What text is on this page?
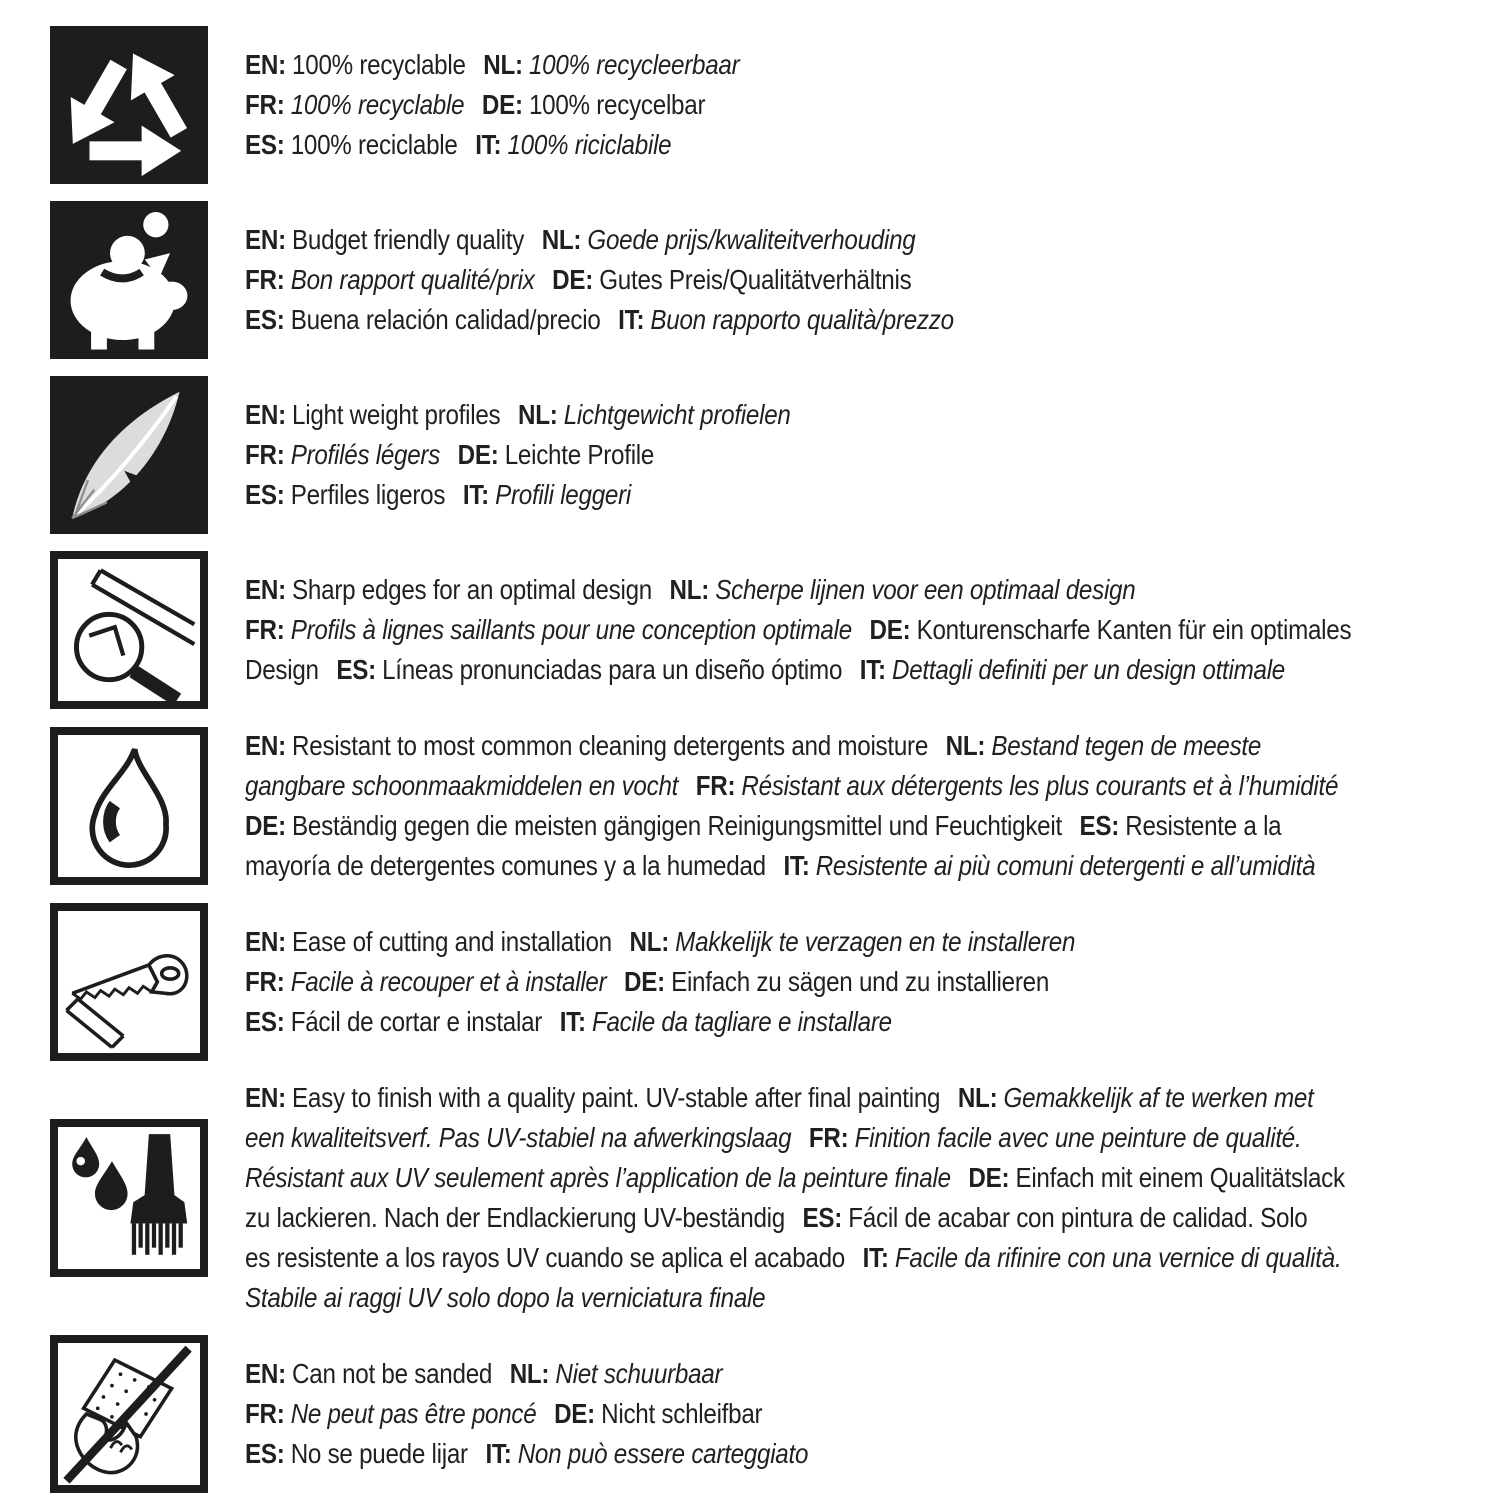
EN: 100% recyclable NL: 100% recycleerbaar
FR: 100% recyclable DE: 100% recycelbar
ES: 100% reciclable IT: 100% riciclabile
EN: Budget friendly quality NL: Goede prijs/kwaliteitverhouding
FR: Bon rapport qualité/prix DE: Gutes Preis/Qualitätverhältnis
ES: Buena relación calidad/precio IT: Buon rapporto qualità/prezzo
EN: Light weight profiles NL: Lichtgewicht profielen
FR: Profilés légers DE: Leichte Profile
ES: Perfiles ligeros IT: Profili leggeri
EN: Sharp edges for an optimal design NL: Scherpe lijnen voor een optimaal design
FR: Profils à lignes saillants pour une conception optimale DE: Konturenscharfe Kanten für ein optimales
Design ES: Líneas pronunciadas para un diseño óptimo IT: Dettagli definiti per un design ottimale
EN: Resistant to most common cleaning detergents and moisture NL: Bestand tegen de meeste
gangbare schoonmaakmiddelen en vocht FR: Résistant aux détergents les plus courants et à l’humidité
DE: Beständig gegen die meisten gängigen Reinigungsmittel und Feuchtigkeit ES: Resistente a la
mayoría de detergentes comunes y a la humedad IT: Resistente ai più comuni detergenti e all’umidità
EN: Ease of cutting and installation NL: Makkelijk te verzagen en te installeren
FR: Facile à recouper et à installer DE: Einfach zu sägen und zu installieren
ES: Fácil de cortar e instalar IT: Facile da tagliare e installare
EN: Easy to finish with a quality paint. UV-stable after final painting NL: Gemakkelijk af te werken met
een kwaliteitsverf. Pas UV-stabiel na afwerkingslaag FR: Finition facile avec une peinture de qualité.
Résistant aux UV seulement après l’application de la peinture finale DE: Einfach mit einem Qualitätslack
zu lackieren. Nach der Endlackierung UV-beständig ES: Fácil de acabar con pintura de calidad. Solo
es resistente a los rayos UV cuando se aplica el acabado IT: Facile da rifinire con una vernice di qualità.
Stabile ai raggi UV solo dopo la verniciatura finale
EN: Can not be sanded NL: Niet schuurbaar
FR: Ne peut pas être poncé DE: Nicht schleifbar
ES: No se puede lijar IT: Non può essere carteggiato
